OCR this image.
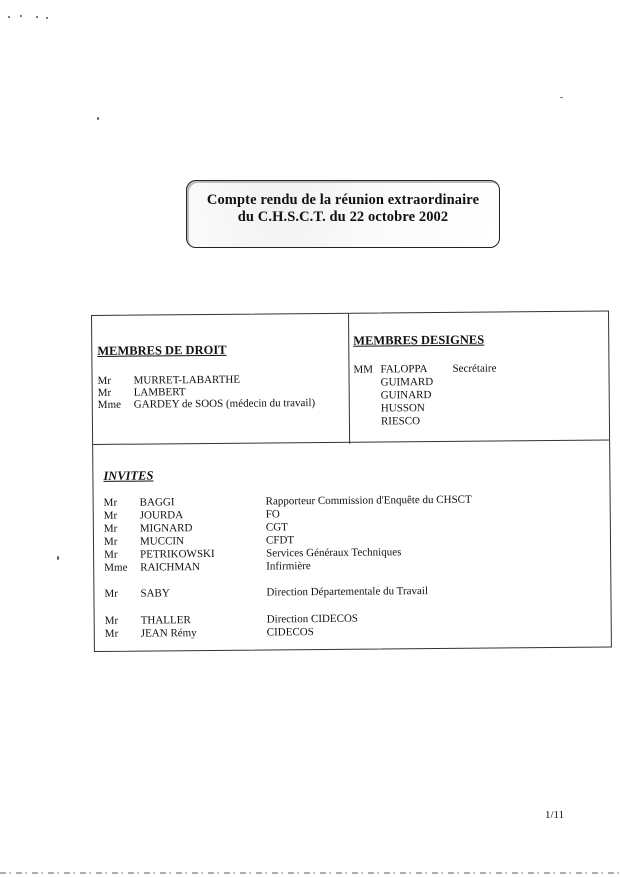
Compte rendu de la réunion extraordinaire
du C.H.S.C.T. du 22 octobre 2002
MEMBRES DE DROIT
Mr MURRET-LABARTHE
Mr LAMBERT
Mme GARDEY de SOOS (médecin du travail)
MEMBRES DESIGNES
MM FALOPPA Secrétaire
GUIMARD
GUINARD
HUSSON
RIESCO
INVITES
Mr BAGGI	Rapporteur Commission d'Enquête du CHSCT
Mr JOURDA	FO
Mr MIGNARD	CGT
Mr MUCCIN	CFDT
Mr PETRIKOWSKI	Services Généraux Techniques
Mme RAICHMAN	Infirmière
Mr SABY	Direction Départementale du Travail
Mr THALLER	Direction CIDECOS
Mr JEAN Rémy	CIDECOS
1/11
